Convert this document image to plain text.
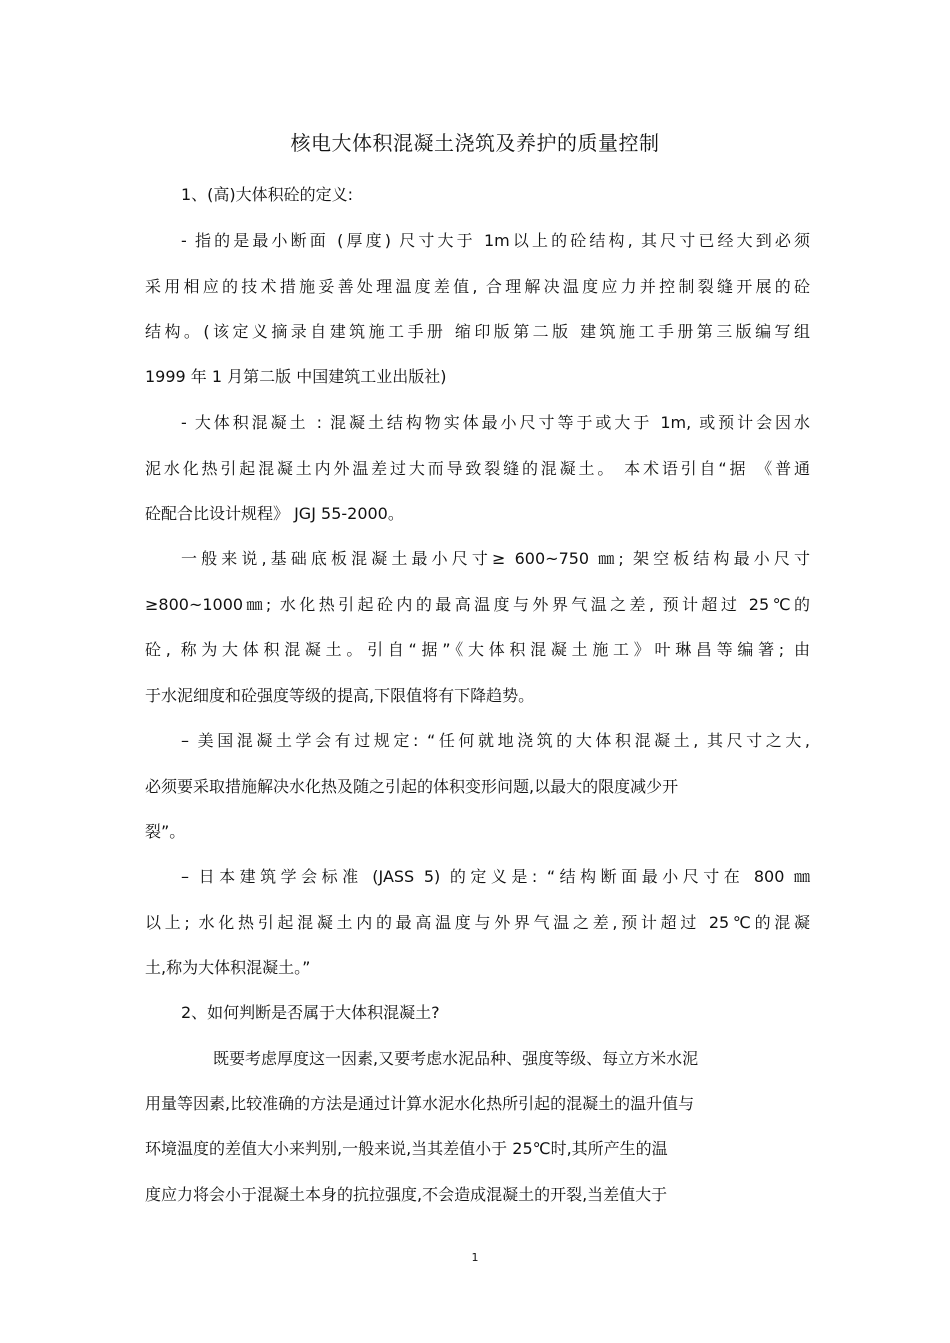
核电大体积混凝土浇筑及养护的质量控制
1、(高)大体积砼的定义:
- 指的是最小断面 (厚度) 尺寸大于 1m以上的砼结构, 其尺寸已经大到必须
采用相应的技术措施妥善处理温度差值, 合理解决温度应力并控制裂缝开展的砼
结构。(该定义摘录自建筑施工手册 缩印版第二版 建筑施工手册第三版编写组
1999 年 1 月第二版 中国建筑工业出版社)
- 大体积混凝土 : 混凝土结构物实体最小尺寸等于或大于 1m, 或预计会因水
泥水化热引起混凝土内外温差过大而导致裂缝的混凝土。 本术语引自“据 《普通
砼配合比设计规程》 JGJ 55-2000。
一般来说,基础底板混凝土最小尺寸≥ 600~750 ㎜; 架空板结构最小尺寸
≥800~1000㎜; 水化热引起砼内的最高温度与外界气温之差, 预计超过 25℃的
砼, 称为大体积混凝土。引自“据”《大体积混凝土施工》叶琳昌等编箸; 由
于水泥细度和砼强度等级的提高,下限值将有下降趋势。
– 美国混凝土学会有过规定: “任何就地浇筑的大体积混凝土, 其尺寸之大,
必须要采取措施解决水化热及随之引起的体积变形问题,以最大的限度减少开
裂”。
– 日本建筑学会标准 (JASS 5) 的定义是: “结构断面最小尺寸在 800 ㎜
以上; 水化热引起混凝土内的最高温度与外界气温之差,预计超过 25℃的混凝
土,称为大体积混凝土。”
2、如何判断是否属于大体积混凝土?
既要考虑厚度这一因素,又要考虑水泥品种、强度等级、每立方米水泥
用量等因素,比较准确的方法是通过计算水泥水化热所引起的混凝土的温升值与
环境温度的差值大小来判别,一般来说,当其差值小于 25℃时,其所产生的温
度应力将会小于混凝土本身的抗拉强度,不会造成混凝土的开裂,当差值大于
1
